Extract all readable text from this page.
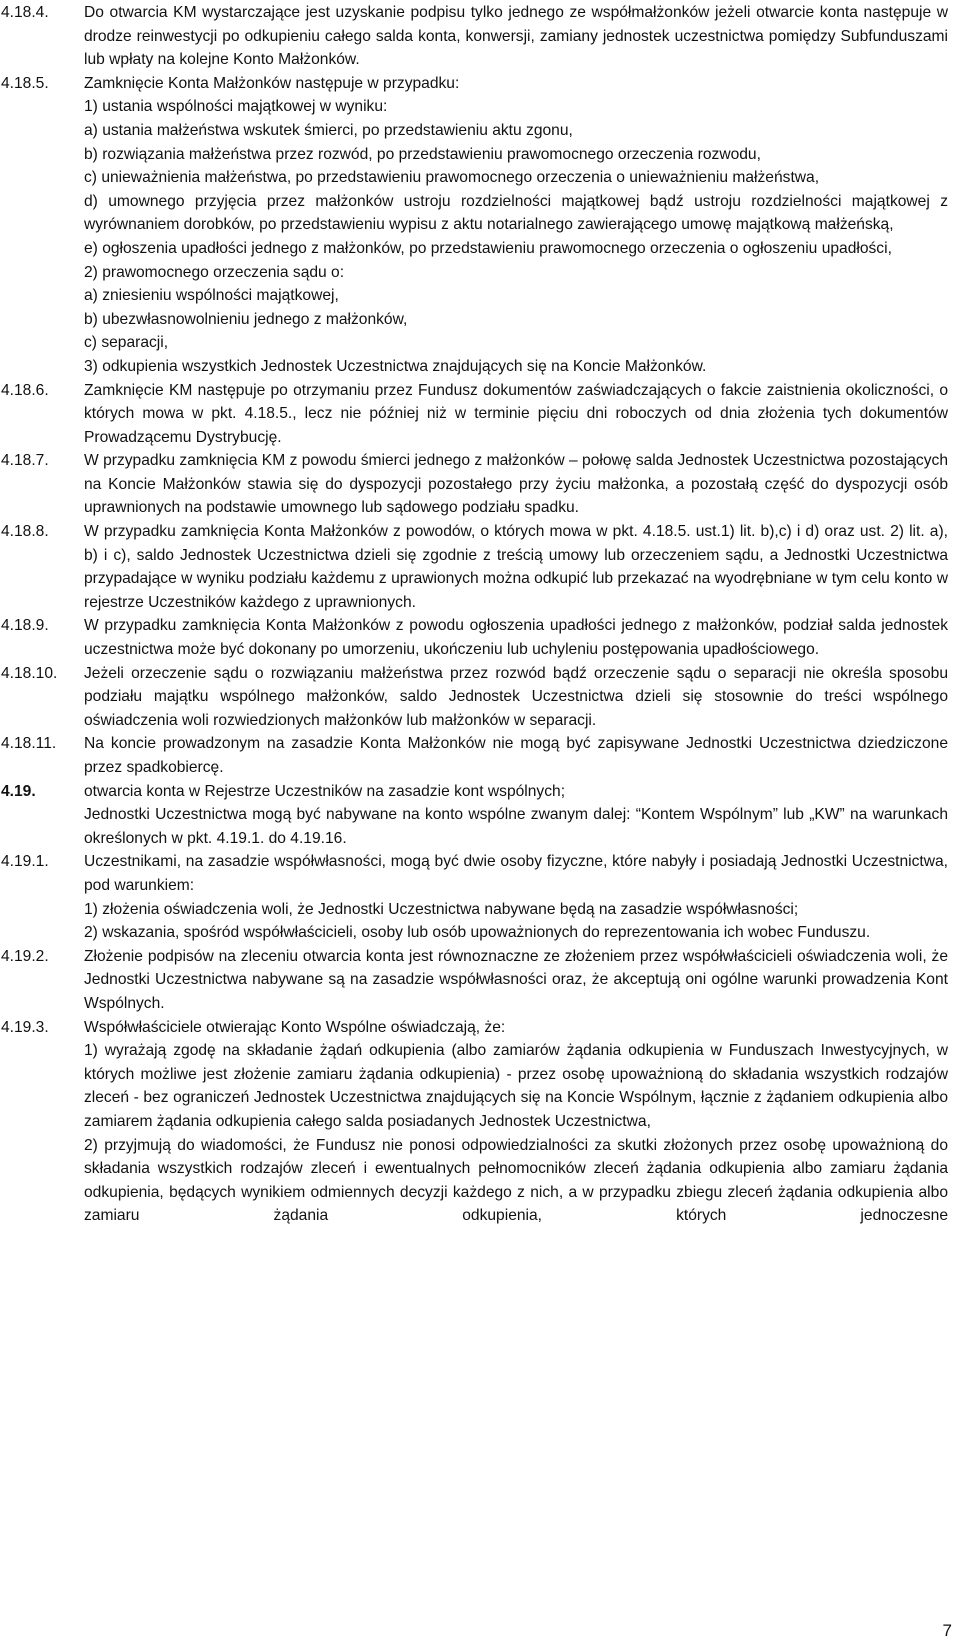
4.18.4.	Do otwarcia KM wystarczające jest uzyskanie podpisu tylko jednego ze współmałżonków jeżeli otwarcie konta następuje w drodze reinwestycji po odkupieniu całego salda konta, konwersji, zamiany jednostek uczestnictwa pomiędzy Subfunduszami lub wpłaty na kolejne Konto Małżonków.

4.18.5.	Zamknięcie Konta Małżonków następuje w przypadku:

1) ustania wspólności majątkowej w wyniku:

a) ustania małżeństwa wskutek śmierci, po przedstawieniu aktu zgonu,

b) rozwiązania małżeństwa przez rozwód, po przedstawieniu prawomocnego orzeczenia rozwodu,

c) unieważnienia małżeństwa, po przedstawieniu prawomocnego orzeczenia o unieważnieniu małżeństwa,

d) umownego przyjęcia przez małżonków ustroju rozdzielności majątkowej bądź ustroju rozdzielności majątkowej z wyrównaniem dorobków, po przedstawieniu wypisu z aktu notarialnego zawierającego umowę majątkową małżeńską,

e) ogłoszenia upadłości jednego z małżonków, po przedstawieniu prawomocnego orzeczenia o ogłoszeniu upadłości,

2) prawomocnego orzeczenia sądu o:

a) zniesieniu wspólności majątkowej,

b) ubezwłasnowolnieniu jednego z małżonków,

c) separacji,

3) odkupienia wszystkich Jednostek Uczestnictwa znajdujących się na Koncie Małżonków.

4.18.6.	Zamknięcie KM następuje po otrzymaniu przez Fundusz dokumentów zaświadczających o fakcie zaistnienia okoliczności, o których mowa w pkt. 4.18.5., lecz nie później niż w terminie pięciu dni roboczych od dnia złożenia tych dokumentów Prowadzącemu Dystrybucję.

4.18.7.	W przypadku zamknięcia KM z powodu śmierci jednego z małżonków – połowę salda Jednostek Uczestnictwa pozostających na Koncie Małżonków stawia się do dyspozycji pozostałego przy życiu małżonka, a pozostałą część do dyspozycji osób uprawnionych na podstawie umownego lub sądowego podziału spadku.

4.18.8.	W przypadku zamknięcia Konta Małżonków z powodów, o których mowa w pkt. 4.18.5. ust.1) lit. b),c) i d) oraz ust. 2) lit. a), b) i c), saldo Jednostek Uczestnictwa dzieli się zgodnie z treścią umowy lub orzeczeniem sądu, a Jednostki Uczestnictwa przypadające w wyniku podziału każdemu z uprawionych można odkupić lub przekazać na wyodrębniane w tym celu konto w rejestrze Uczestników każdego z uprawnionych.

4.18.9.	W przypadku zamknięcia Konta Małżonków z powodu ogłoszenia upadłości jednego z małżonków, podział salda jednostek uczestnictwa może być dokonany po umorzeniu, ukończeniu lub uchyleniu postępowania upadłościowego.

4.18.10.	Jeżeli orzeczenie sądu o rozwiązaniu małżeństwa przez rozwód bądź orzeczenie sądu o separacji nie określa sposobu podziału majątku wspólnego małżonków, saldo Jednostek Uczestnictwa dzieli się stosownie do treści wspólnego oświadczenia woli rozwiedzionych małżonków lub małżonków w separacji.

4.18.11.	Na koncie prowadzonym na zasadzie Konta Małżonków nie mogą być zapisywane Jednostki Uczestnictwa dziedziczone przez spadkobiercę.

4.19.	otwarcia konta w Rejestrze Uczestników na zasadzie kont wspólnych;

Jednostki Uczestnictwa mogą być nabywane na konto wspólne zwanym dalej: “Kontem Wspólnym” lub „KW” na warunkach określonych w pkt. 4.19.1. do 4.19.16.

4.19.1.	Uczestnikami, na zasadzie współwłasności, mogą być dwie osoby fizyczne, które nabyły i posiadają Jednostki Uczestnictwa, pod warunkiem:

1) złożenia oświadczenia woli, że Jednostki Uczestnictwa nabywane będą na zasadzie współwłasności;

2) wskazania, spośród współwłaścicieli, osoby lub osób upoważnionych do reprezentowania ich wobec Funduszu.

4.19.2.	Złożenie podpisów na zleceniu otwarcia konta jest równoznaczne ze złożeniem przez współwłaścicieli oświadczenia woli, że Jednostki Uczestnictwa nabywane są na zasadzie współwłasności oraz, że akceptują oni ogólne warunki prowadzenia Kont Wspólnych.

4.19.3.	Współwłaściciele otwierając Konto Wspólne oświadczają, że:

1) wyrażają zgodę na składanie żądań odkupienia (albo zamiarów żądania odkupienia w Funduszach Inwestycyjnych, w których możliwe jest złożenie zamiaru żądania odkupienia) - przez osobę upoważnioną do składania wszystkich rodzajów zleceń - bez ograniczeń Jednostek Uczestnictwa znajdujących się na Koncie Wspólnym, łącznie z żądaniem odkupienia albo zamiarem żądania odkupienia całego salda posiadanych Jednostek Uczestnictwa,

2) przyjmują do wiadomości, że Fundusz nie ponosi odpowiedzialności za skutki złożonych przez osobę upoważnioną do składania wszystkich rodzajów zleceń i ewentualnych pełnomocników zleceń żądania odkupienia albo zamiaru żądania odkupienia, będących wynikiem odmiennych decyzji każdego z nich, a w przypadku zbiegu zleceń żądania odkupienia albo zamiaru żądania odkupienia, których jednoczesne

7
